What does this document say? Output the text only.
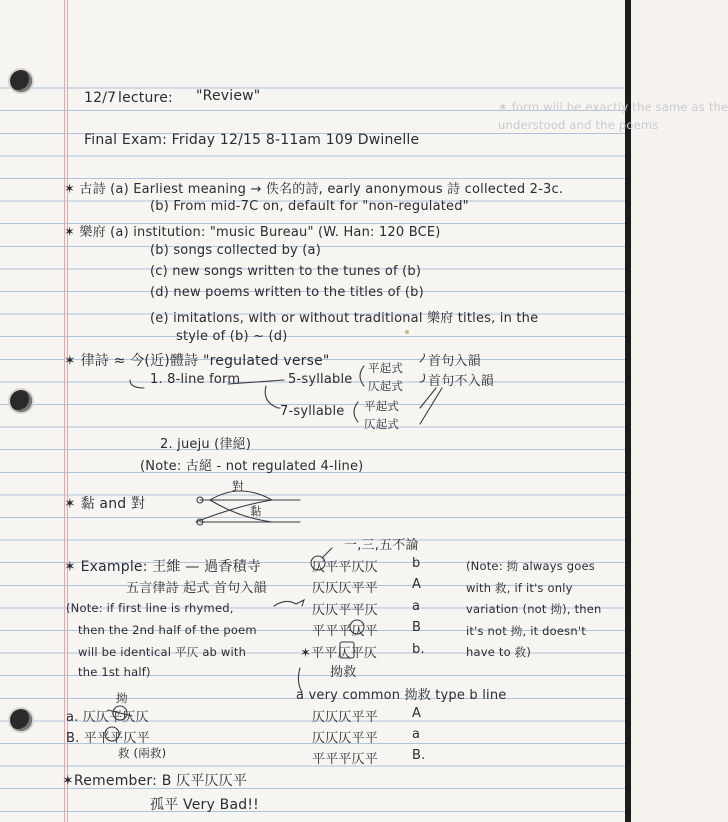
✶ form will be exactly the same as the
understood and the poems
12/7 lecture: "Review"
Final Exam: Friday 12/15 8-11am 109 Dwinelle
✶ 古詩 (a) Earliest meaning → 佚名的詩, early anonymous 詩 collected 2-3c.
(b) From mid-7C on, default for "non-regulated"
✶ 樂府 (a) institution: "music Bureau" (W. Han: 120 BCE)
(b) songs collected by (a)
(c) new songs written to the tunes of (b)
(d) new poems written to the titles of (b)
(e) imitations, with or without traditional 樂府 titles, in the
style of (b) ~ (d)
✶ 律詩 ≈ 今(近)體詩 "regulated verse"
1. 8-line form	5-syllable
平起式
仄起式
首句入韻
首句不入韻
7-syllable 平起式
仄起式
2. jueju (律絕)
(Note: 古絕 - not regulated 4-line)
✶ 黏 and 對
對
黏
一,三,五不論
✶ Example: 王維 — 過香積寺
五言律詩 起式 首句入韻
仄平平仄仄	b
仄仄仄平平	A
仄仄平平仄	a
平平平仄平	B
✶平平仄平仄	b.
拗救
a very common 拗救 type b line
仄仄仄平平	A
仄仄仄平平	a
平平平仄平	B.
(Note: 拗 always goes
with 救, if it's only
variation (not 拗), then
it's not 拗, it doesn't
have to 救)
(Note: if first line is rhymed,
then the 2nd half of the poem
will be identical 平仄 ab with
the 1st half)
拗
a. 仄仄平仄仄
B. 平平平仄平
救 (兩救)
✶Remember: B 仄平仄仄平
孤平 Very Bad!!
